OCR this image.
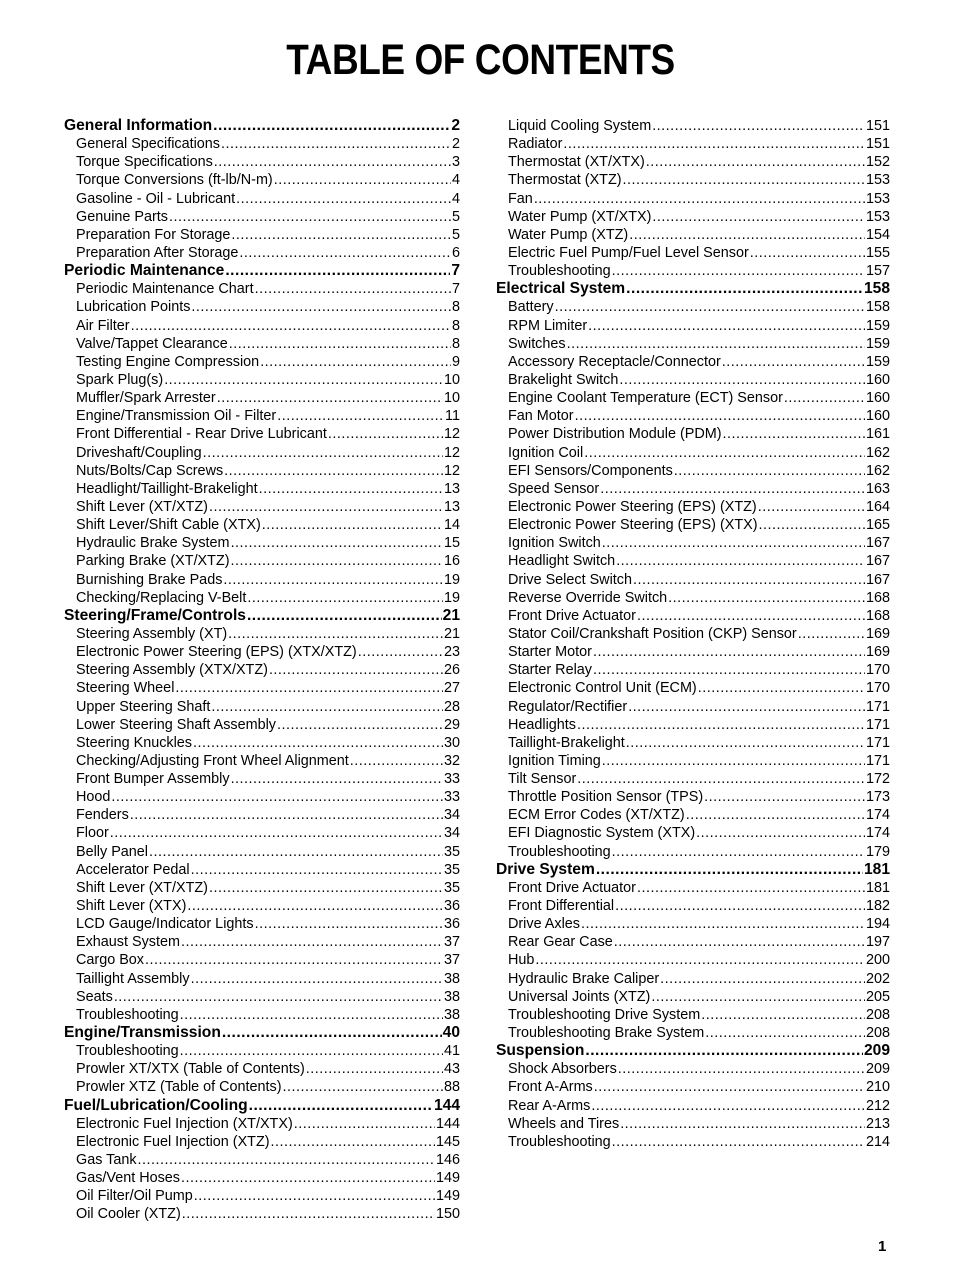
TABLE OF CONTENTS
General Information .....	2
General Specifications .....	2
Torque Specifications .....	3
Torque Conversions (ft-lb/N-m) .....	4
Gasoline - Oil - Lubricant .....	4
Genuine Parts .....	5
Preparation For Storage .....	5
Preparation After Storage .....	6
Periodic Maintenance .....	7
Periodic Maintenance Chart .....	7
Lubrication Points .....	8
Air Filter .....	8
Valve/Tappet Clearance .....	8
Testing Engine Compression .....	9
Spark Plug(s) .....	10
Muffler/Spark Arrester .....	10
Engine/Transmission Oil - Filter .....	11
Front Differential - Rear Drive Lubricant .....	12
Driveshaft/Coupling .....	12
Nuts/Bolts/Cap Screws .....	12
Headlight/Taillight-Brakelight .....	13
Shift Lever (XT/XTZ) .....	13
Shift Lever/Shift Cable (XTX) .....	14
Hydraulic Brake System .....	15
Parking Brake (XT/XTZ) .....	16
Burnishing Brake Pads .....	19
Checking/Replacing V-Belt .....	19
Steering/Frame/Controls .....	21
Steering Assembly (XT) .....	21
Electronic Power Steering (EPS) (XTX/XTZ) .....	23
Steering Assembly (XTX/XTZ) .....	26
Steering Wheel .....	27
Upper Steering Shaft .....	28
Lower Steering Shaft Assembly .....	29
Steering Knuckles .....	30
Checking/Adjusting Front Wheel Alignment .....	32
Front Bumper Assembly .....	33
Hood .....	33
Fenders .....	34
Floor .....	34
Belly Panel .....	35
Accelerator Pedal .....	35
Shift Lever (XT/XTZ) .....	35
Shift Lever (XTX) .....	36
LCD Gauge/Indicator Lights .....	36
Exhaust System .....	37
Cargo Box .....	37
Taillight Assembly .....	38
Seats .....	38
Troubleshooting .....	38
Engine/Transmission .....	40
Troubleshooting .....	41
Prowler XT/XTX (Table of Contents) .....	43
Prowler XTZ (Table of Contents) .....	88
Fuel/Lubrication/Cooling .....	144
Electronic Fuel Injection (XT/XTX) .....	144
Electronic Fuel Injection (XTZ) .....	145
Gas Tank .....	146
Gas/Vent Hoses .....	149
Oil Filter/Oil Pump .....	149
Oil Cooler (XTZ) .....	150
Liquid Cooling System .....	151
Radiator .....	151
Thermostat (XT/XTX) .....	152
Thermostat (XTZ) .....	153
Fan .....	153
Water Pump (XT/XTX) .....	153
Water Pump (XTZ) .....	154
Electric Fuel Pump/Fuel Level Sensor .....	155
Troubleshooting .....	157
Electrical System .....	158
Battery .....	158
RPM Limiter .....	159
Switches .....	159
Accessory Receptacle/Connector .....	159
Brakelight Switch .....	160
Engine Coolant Temperature (ECT) Sensor .....	160
Fan Motor .....	160
Power Distribution Module (PDM) .....	161
Ignition Coil .....	162
EFI Sensors/Components .....	162
Speed Sensor .....	163
Electronic Power Steering (EPS) (XTZ) .....	164
Electronic Power Steering (EPS) (XTX) .....	165
Ignition Switch .....	167
Headlight Switch .....	167
Drive Select Switch .....	167
Reverse Override Switch .....	168
Front Drive Actuator .....	168
Stator Coil/Crankshaft Position (CKP) Sensor .....	169
Starter Motor .....	169
Starter Relay .....	170
Electronic Control Unit (ECM) .....	170
Regulator/Rectifier .....	171
Headlights .....	171
Taillight-Brakelight .....	171
Ignition Timing .....	171
Tilt Sensor .....	172
Throttle Position Sensor (TPS) .....	173
ECM Error Codes (XT/XTZ) .....	174
EFI Diagnostic System (XTX) .....	174
Troubleshooting .....	179
Drive System .....	181
Front Drive Actuator .....	181
Front Differential .....	182
Drive Axles .....	194
Rear Gear Case .....	197
Hub .....	200
Hydraulic Brake Caliper .....	202
Universal Joints (XTZ) .....	205
Troubleshooting Drive System .....	208
Troubleshooting Brake System .....	208
Suspension .....	209
Shock Absorbers .....	209
Front A-Arms .....	210
Rear A-Arms .....	212
Wheels and Tires .....	213
Troubleshooting .....	214
1
